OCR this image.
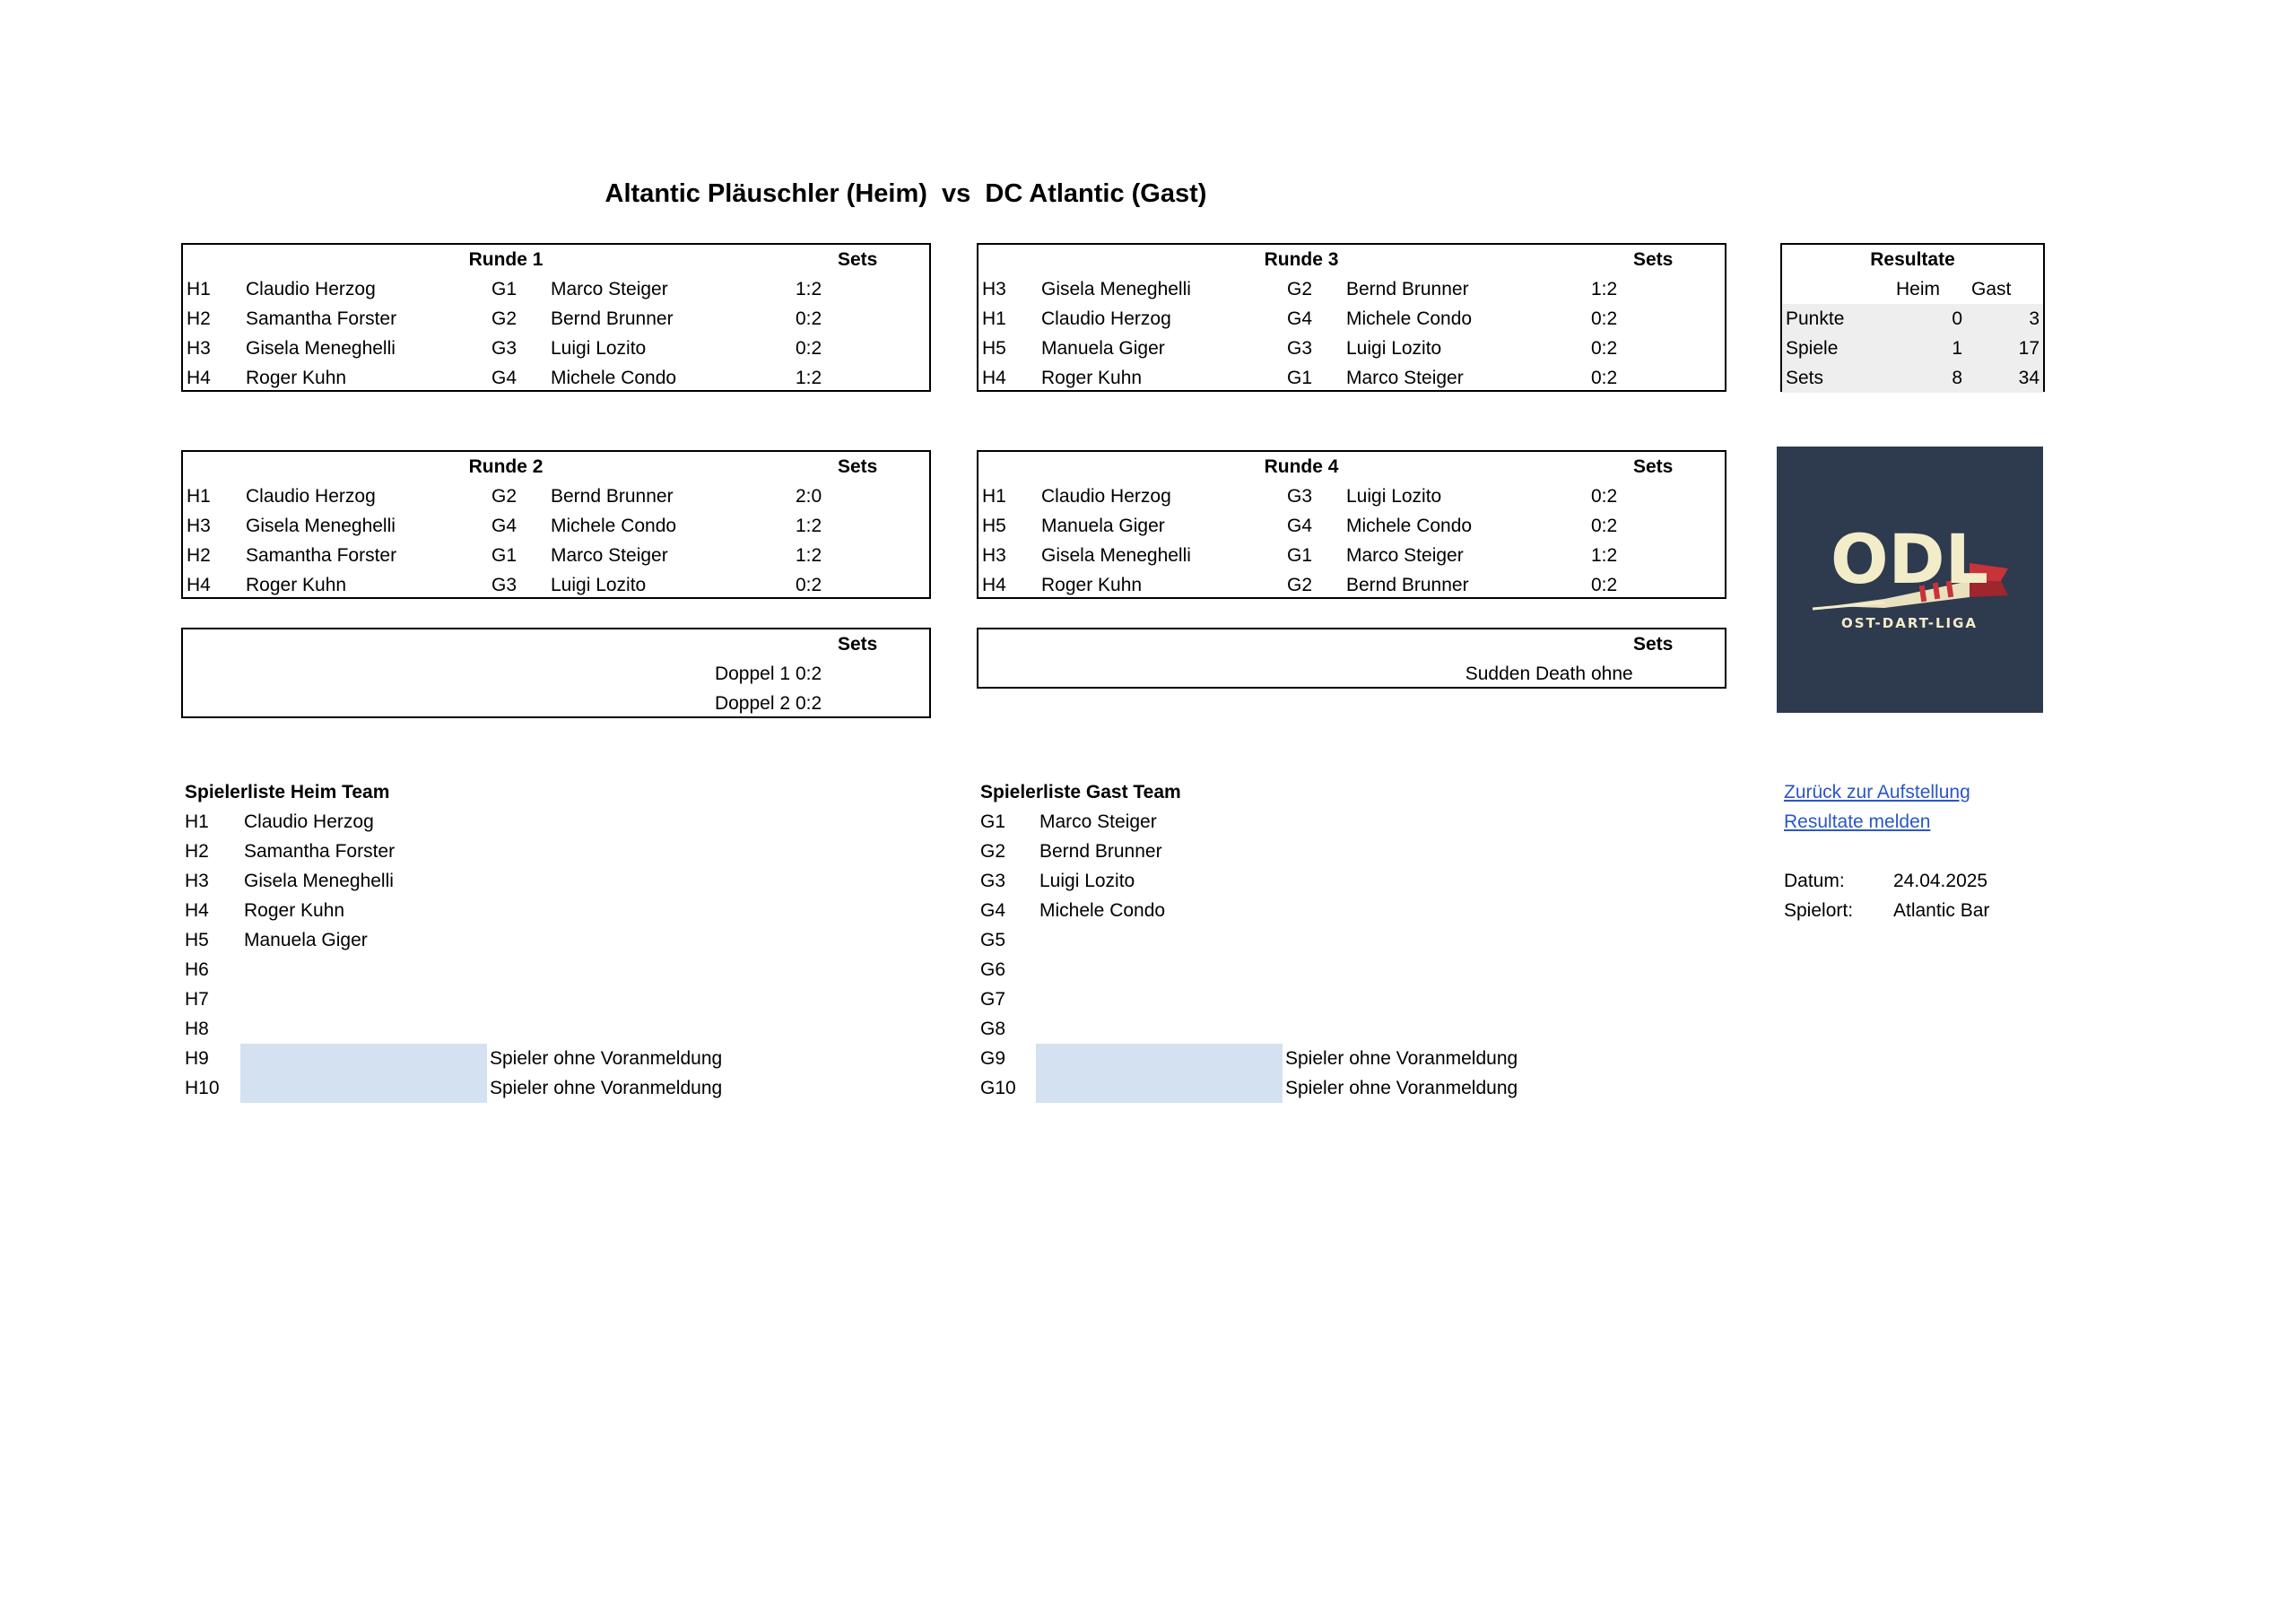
Altantic Pläuschler (Heim)  vs  DC Atlantic (Gast)
Runde 1	Sets
H1 Claudio Herzog	G1 Marco Steiger	1:2
H2 Samantha Forster	G2 Bernd Brunner	0:2
H3 Gisela Meneghelli	G3 Luigi Lozito	0:2
H4 Roger Kuhn	G4 Michele Condo	1:2
Runde 3	Sets
H3 Gisela Meneghelli	G2 Bernd Brunner	1:2
H1 Claudio Herzog	G4 Michele Condo	0:2
H5 Manuela Giger	G3 Luigi Lozito	0:2
H4 Roger Kuhn	G1 Marco Steiger	0:2
Runde 2	Sets
H1 Claudio Herzog	G2 Bernd Brunner	2:0
H3 Gisela Meneghelli	G4 Michele Condo	1:2
H2 Samantha Forster	G1 Marco Steiger	1:2
H4 Roger Kuhn	G3 Luigi Lozito	0:2
Runde 4	Sets
H1 Claudio Herzog	G3 Luigi Lozito	0:2
H5 Manuela Giger	G4 Michele Condo	0:2
H3 Gisela Meneghelli	G1 Marco Steiger	1:2
H4 Roger Kuhn	G2 Bernd Brunner	0:2
Sets
Doppel 1 0:2
Doppel 2 0:2
Sets
Sudden Death ohne
Resultate
Heim Gast
Punkte	0	3
Spiele	1	17
Sets	8	34
ODL
OST-DART-LIGA
Spielerliste Heim Team
H1 Claudio Herzog
H2 Samantha Forster
H3 Gisela Meneghelli
H4 Roger Kuhn
H5 Manuela Giger
H6
H7
H8
H9	Spieler ohne Voranmeldung
H10	Spieler ohne Voranmeldung
Spielerliste Gast Team
G1 Marco Steiger
G2 Bernd Brunner
G3 Luigi Lozito
G4 Michele Condo
G5
G6
G7
G8
G9	Spieler ohne Voranmeldung
G10	Spieler ohne Voranmeldung
Zurück zur Aufstellung
Resultate melden
Datum:	24.04.2025
Spielort: Atlantic Bar
